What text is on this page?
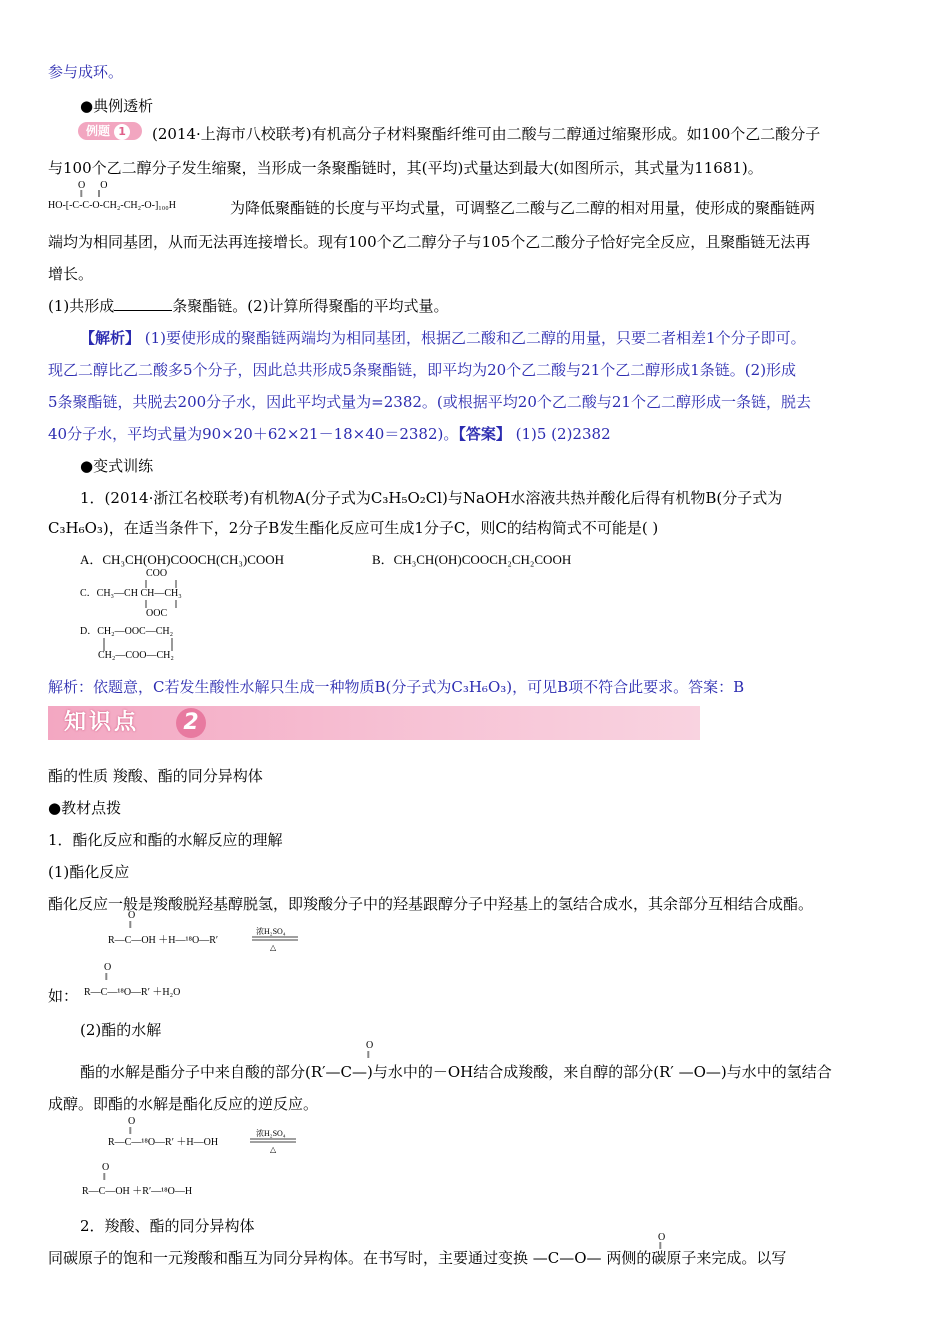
参与成环。
●典例透析
例题 1	(2014·上海市八校联考)有机高分子材料聚酯纤维可由二酸与二醇通过缩聚形成。如100个乙二酸分子
与100个乙二醇分子发生缩聚，当形成一条聚酯链时，其(平均)式量达到最大(如图所示，其式量为11681)。
O      O
‖      ‖
HO-[-C-C-O-CH₂-CH₂-O-]₁₀₀H	为降低聚酯链的长度与平均式量，可调整乙二酸与乙二醇的相对用量，使形成的聚酯链两
端均为相同基团，从而无法再连接增长。现有100个乙二醇分子与105个乙二酸分子恰好完全反应，且聚酯链无法再
增长。
(1)共形成	条聚酯链。(2)计算所得聚酯的平均式量。
【解析】 (1)要使形成的聚酯链两端均为相同基团，根据乙二酸和乙二醇的用量，只要二者相差1个分子即可。
现乙二醇比乙二酸多5个分子，因此总共形成5条聚酯链，即平均为20个乙二酸与21个乙二醇形成1条链。(2)形成
5条聚酯链，共脱去200分子水，因此平均式量为=2382。(或根据平均20个乙二酸与21个乙二醇形成一条链，脱去
40分子水，平均式量为90×20＋62×21－18×40＝2382)。【答案】 (1)5 (2)2382
●变式训练
1．(2014·浙江名校联考)有机物A(分子式为C₃H₅O₂Cl)与NaOH水溶液共热并酸化后得有机物B(分子式为
C₃H₆O₃)，在适当条件下，2分子B发生酯化反应可生成1分子C，则C的结构简式不可能是( )
A．CH₃CH(OH)COOCH(CH₃)COOH	B．CH₃CH(OH)COOCH₂CH₂COOH
COO
C．CH₃—CH CH—CH₃
OOC
D．CH₂—OOC—CH₂
CH₂—COO—CH₂
解析：依题意，C若发生酸性水解只生成一种物质B(分子式为C₃H₆O₃)，可见B项不符合此要求。答案：B
知识点	2
酯的性质 羧酸、酯的同分异构体
●教材点拨
1．酯化反应和酯的水解反应的理解
(1)酯化反应
酯化反应一般是羧酸脱羟基醇脱氢，即羧酸分子中的羟基跟醇分子中羟基上的氢结合成水，其余部分互相结合成酯。
O
‖
R—C—OH ＋H—¹⁸O—R′
浓H₂SO₄
△
O
‖
如： R—C—¹⁸O—R′ ＋H₂O
(2)酯的水解
O
‖
酯的水解是酯分子中来自酸的部分(R′—C—)与水中的－OH结合成羧酸，来自醇的部分(R′ —O—)与水中的氢结合
成醇。即酯的水解是酯化反应的逆反应。
O
‖
R—C—¹⁸O—R′ ＋H—OH
浓H₂SO₄
△
O
‖
R—C—OH ＋R′—¹⁸O—H
2．羧酸、酯的同分异构体
O
‖
同碳原子的饱和一元羧酸和酯互为同分异构体。在书写时，主要通过变换 —C—O— 两侧的碳原子来完成。以写
